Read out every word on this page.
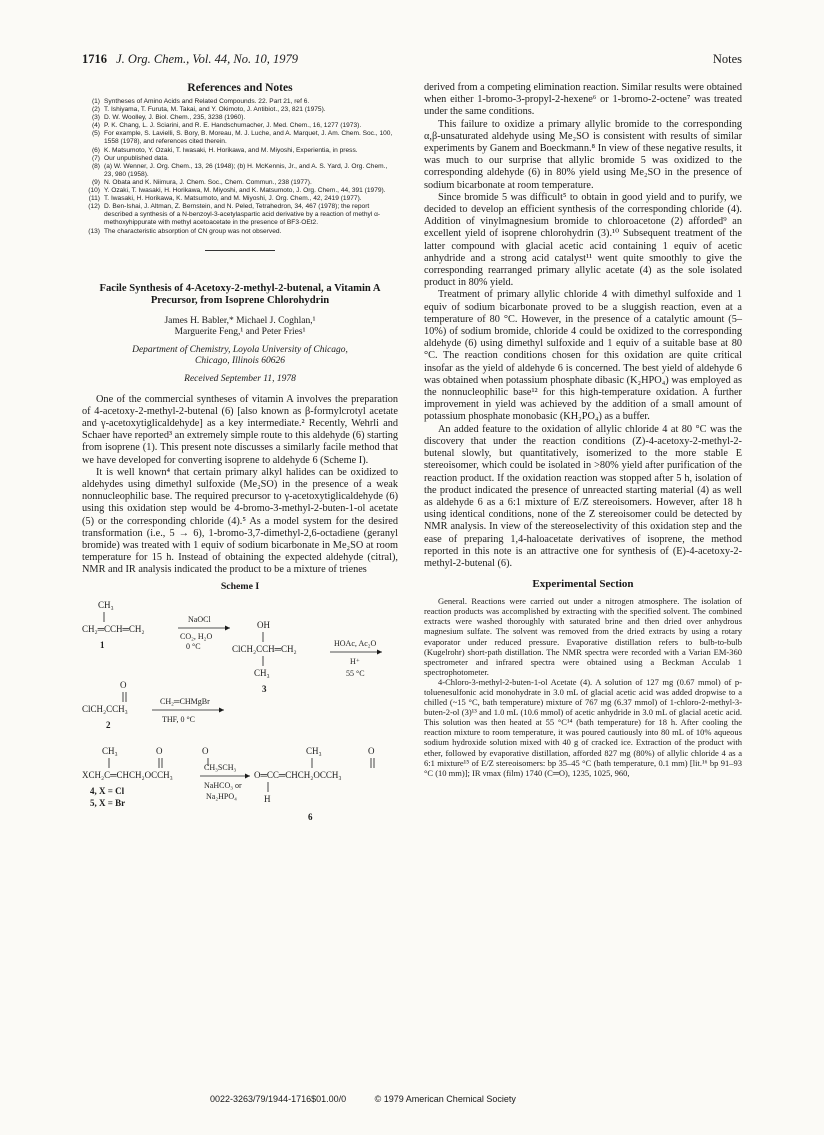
1716 J. Org. Chem., Vol. 44, No. 10, 1979	Notes
References and Notes
(1) Syntheses of Amino Acids and Related Compounds. 22. Part 21, ref 6.
(2) T. Ishiyama, T. Furuta, M. Takai, and Y. Okimoto, J. Antibiot., 23, 821 (1975).
(3) D. W. Woolley, J. Biol. Chem., 235, 3238 (1960).
(4) P. K. Chang, L. J. Sciarini, and R. E. Handschumacher, J. Med. Chem., 16, 1277 (1973).
(5) For example, S. Lavielli, S. Bory, B. Moreau, M. J. Luche, and A. Marquet, J. Am. Chem. Soc., 100, 1558 (1978), and references cited therein.
(6) K. Matsumoto, Y. Ozaki, T. Iwasaki, H. Horikawa, and M. Miyoshi, Experientia, in press.
(7) Our unpublished data.
(8) (a) W. Wenner, J. Org. Chem., 13, 26 (1948); (b) H. McKennis, Jr., and A. S. Yard, J. Org. Chem., 23, 980 (1958).
(9) N. Obata and K. Niimura, J. Chem. Soc., Chem. Commun., 238 (1977).
(10) Y. Ozaki, T. Iwasaki, H. Horikawa, M. Miyoshi, and K. Matsumoto, J. Org. Chem., 44, 391 (1979).
(11) T. Iwasaki, H. Horikawa, K. Matsumoto, and M. Miyoshi, J. Org. Chem., 42, 2419 (1977).
(12) D. Ben-Ishai, J. Altman, Z. Bernstein, and N. Peled, Tetrahedron, 34, 467 (1978); the report described a synthesis of a N-benzoyl-3-acetylaspartic acid derivative by a reaction of methyl α-methoxyhippurate with methyl acetoacetate in the presence of BF3·OEt2.
(13) The characteristic absorption of CN group was not observed.
Facile Synthesis of 4-Acetoxy-2-methyl-2-butenal, a Vitamin A Precursor, from Isoprene Chlorohydrin
James H. Babler,* Michael J. Coghlan,¹
Marguerite Feng,¹ and Peter Fries¹
Department of Chemistry, Loyola University of Chicago,
Chicago, Illinois 60626
Received September 11, 1978

One of the commercial syntheses of vitamin A involves the preparation of 4-acetoxy-2-methyl-2-butenal (6) [also known as β-formylcrotyl acetate and γ-acetoxytiglicaldehyde] as a key intermediate.² Recently, Wehrli and Schaer have reported³ an extremely simple route to this aldehyde (6) starting from isoprene (1). This present note discusses a similarly facile method that we have developed for converting isoprene to aldehyde 6 (Scheme I).

It is well known⁴ that certain primary alkyl halides can be oxidized to aldehydes using dimethyl sulfoxide (Me₂SO) in the presence of a weak nonnucleophilic base. The required precursor to γ-acetoxytiglicaldehyde (6) using this oxidation step would be 4-bromo-3-methyl-2-buten-1-ol acetate (5) or the corresponding chloride (4).⁵ As a model system for the desired transformation (i.e., 5 → 6), 1-bromo-3,7-dimethyl-2,6-octadiene (geranyl bromide) was treated with 1 equiv of sodium bicarbonate in Me₂SO at room temperature for 15 h. Instead of obtaining the expected aldehyde (citral), NMR and IR analysis indicated the product to be a mixture of trienes

Scheme I
CH₃
CH₂═CCH═CH₂
1
NaOCl
CO₂, H₂O
0 °C
OH
ClCH₂CCH═CH₂
CH₃
3
HOAc, Ac₂O
H⁺
55 °C
O
ClCH₂CCH₃
2
CH₂═CHMgBr
THF, 0 °C
CH₃	O	O
XCH₂C═CHCH₂OCCH₃
4, X = Cl
5, X = Br
CH₃SCH₃
NaHCO₃ or
Na₂HPO₄
CH₃	O
O═CC═CHCH₂OCCH₃
H
6

derived from a competing elimination reaction. Similar results were obtained when either 1-bromo-3-propyl-2-hexene⁶ or 1-bromo-2-octene⁷ was treated under the same conditions.

This failure to oxidize a primary allylic bromide to the corresponding α,β-unsaturated aldehyde using Me₂SO is consistent with results of similar experiments by Ganem and Boeckmann.⁸ In view of these negative results, it was much to our surprise that allylic bromide 5 was oxidized to the corresponding aldehyde (6) in 80% yield using Me₂SO in the presence of sodium bicarbonate at room temperature.

Since bromide 5 was difficult⁵ to obtain in good yield and to purify, we decided to develop an efficient synthesis of the corresponding chloride (4). Addition of vinylmagnesium bromide to chloroacetone (2) afforded⁹ an excellent yield of isoprene chlorohydrin (3).¹⁰ Subsequent treatment of the latter compound with glacial acetic acid containing 1 equiv of acetic anhydride and a strong acid catalyst¹¹ went quite smoothly to give the corresponding rearranged primary allylic acetate (4) as the sole isolated product in 80% yield.

Treatment of primary allylic chloride 4 with dimethyl sulfoxide and 1 equiv of sodium bicarbonate proved to be a sluggish reaction, even at a temperature of 80 °C. However, in the presence of a catalytic amount (5–10%) of sodium bromide, chloride 4 could be oxidized to the corresponding aldehyde (6) using dimethyl sulfoxide and 1 equiv of a suitable base at 80 °C. The reaction conditions chosen for this oxidation are quite critical insofar as the yield of aldehyde 6 is concerned. The best yield of aldehyde 6 was obtained when potassium phosphate dibasic (K₂HPO₄) was employed as the nonnucleophilic base¹² for this high-temperature oxidation. A further improvement in yield was achieved by the addition of a small amount of potassium phosphate monobasic (KH₂PO₄) as a buffer.

An added feature to the oxidation of allylic chloride 4 at 80 °C was the discovery that under the reaction conditions (Z)-4-acetoxy-2-methyl-2-butenal slowly, but quantitatively, isomerized to the more stable E stereoisomer, which could be isolated in >80% yield after purification of the reaction product. If the oxidation reaction was stopped after 5 h, isolation of the product indicated the presence of unreacted starting material (4) as well as aldehyde 6 as a 6:1 mixture of E/Z stereoisomers. However, after 18 h using identical conditions, none of the Z stereoisomer could be detected by NMR analysis. In view of the stereoselectivity of this oxidation step and the ease of preparing 1,4-haloacetate derivatives of isoprene, the method reported in this note is an attractive one for synthesis of (E)-4-acetoxy-2-methyl-2-butenal (6).

Experimental Section

General. Reactions were carried out under a nitrogen atmosphere. The isolation of reaction products was accomplished by extracting with the specified solvent. The combined extracts were washed thoroughly with saturated brine and then dried over anhydrous magnesium sulfate. The solvent was removed from the dried extracts by using a rotary evaporator under reduced pressure. Evaporative distillation refers to bulb-to-bulb (Kugelrohr) short-path distillation. The NMR spectra were recorded with a Varian EM-360 spectrometer and infrared spectra were obtained using a Beckman Acculab 1 spectrophotometer.

4-Chloro-3-methyl-2-buten-1-ol Acetate (4). A solution of 127 mg (0.67 mmol) of p-toluenesulfonic acid monohydrate in 3.0 mL of glacial acetic acid was added dropwise to a chilled (~15 °C, bath temperature) mixture of 767 mg (6.37 mmol) of 1-chloro-2-methyl-3-buten-2-ol (3)¹³ and 1.0 mL (10.6 mmol) of acetic anhydride in 3.0 mL of glacial acetic acid. This solution was then heated at 55 °C¹⁴ (bath temperature) for 18 h. After cooling the reaction mixture to room temperature, it was poured cautiously into 80 mL of 10% aqueous sodium hydroxide solution mixed with 40 g of cracked ice. Extraction of the product with ether, followed by evaporative distillation, afforded 827 mg (80%) of allylic chloride 4 as a 6:1 mixture¹⁵ of E/Z stereoisomers: bp 35–45 °C (bath temperature, 0.1 mm) [lit.¹⁶ bp 91–93 °C (10 mm)]; IR νmax (film) 1740 (C═O), 1235, 1025, 960,

0022-3263/79/1944-1716$01.00/0	© 1979 American Chemical Society
